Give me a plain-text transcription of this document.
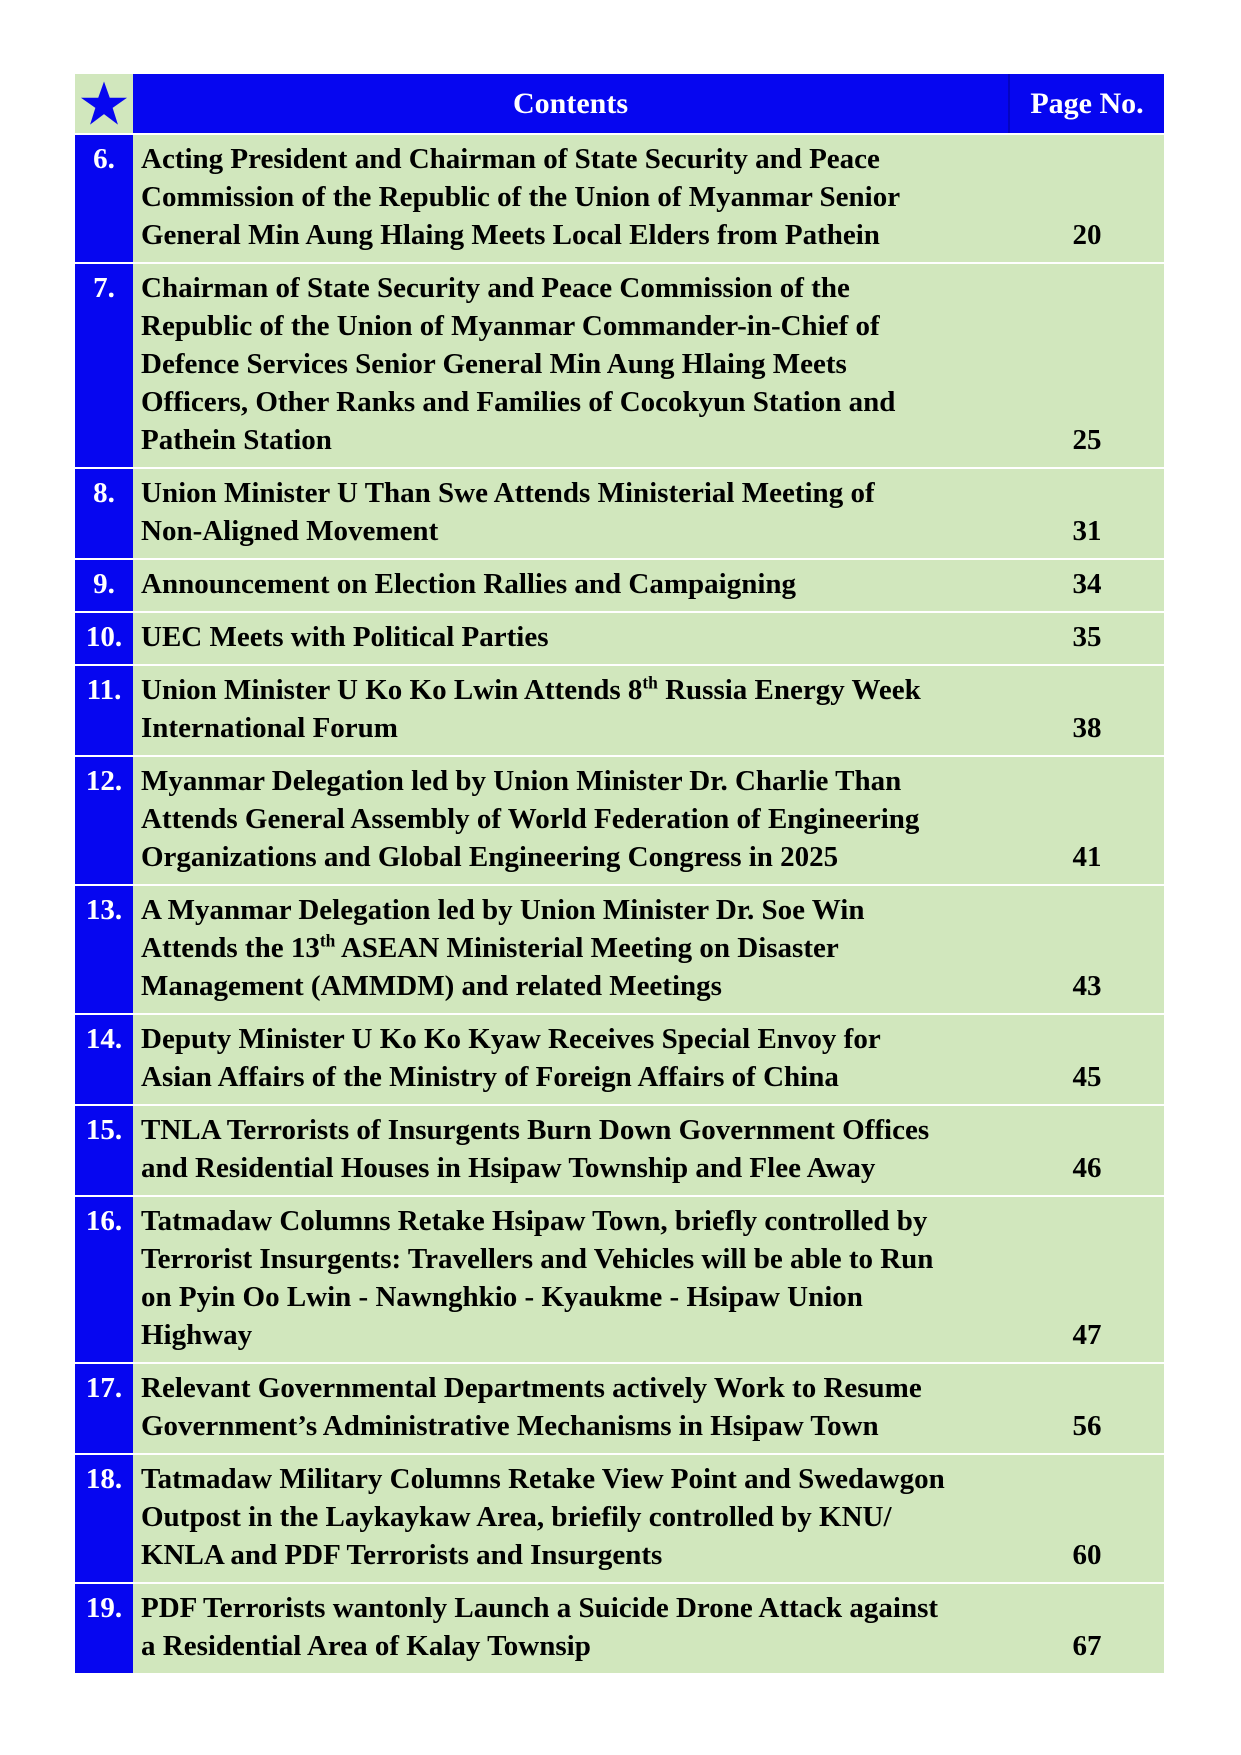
Contents	Page No.
6. Acting President and Chairman of State Security and Peace
Commission of the Republic of the Union of Myanmar Senior
General Min Aung Hlaing Meets Local Elders from Pathein	20
7. Chairman of State Security and Peace Commission of the
Republic of the Union of Myanmar Commander-in-Chief of
Defence Services Senior General Min Aung Hlaing Meets
Officers, Other Ranks and Families of Cocokyun Station and
Pathein Station	25
8. Union Minister U Than Swe Attends Ministerial Meeting of
Non-Aligned Movement	31
9. Announcement on Election Rallies and Campaigning	34
10. UEC Meets with Political Parties	35
11. Union Minister U Ko Ko Lwin Attends 8th Russia Energy Week
International Forum	38
12. Myanmar Delegation led by Union Minister Dr. Charlie Than
Attends General Assembly of World Federation of Engineering
Organizations and Global Engineering Congress in 2025	41
13. A Myanmar Delegation led by Union Minister Dr. Soe Win
Attends the 13th ASEAN Ministerial Meeting on Disaster
Management (AMMDM) and related Meetings	43
14. Deputy Minister U Ko Ko Kyaw Receives Special Envoy for
Asian Affairs of the Ministry of Foreign Affairs of China	45
15. TNLA Terrorists of Insurgents Burn Down Government Offices
and Residential Houses in Hsipaw Township and Flee Away	46
16. Tatmadaw Columns Retake Hsipaw Town, briefly controlled by
Terrorist Insurgents: Travellers and Vehicles will be able to Run
on Pyin Oo Lwin - Nawnghkio - Kyaukme - Hsipaw Union
Highway	47
17. Relevant Governmental Departments actively Work to Resume
Government’s Administrative Mechanisms in Hsipaw Town	56
18. Tatmadaw Military Columns Retake View Point and Swedawgon
Outpost in the Laykaykaw Area, briefily controlled by KNU/
KNLA and PDF Terrorists and Insurgents	60
19. PDF Terrorists wantonly Launch a Suicide Drone Attack against
a Residential Area of Kalay Townsip	67
